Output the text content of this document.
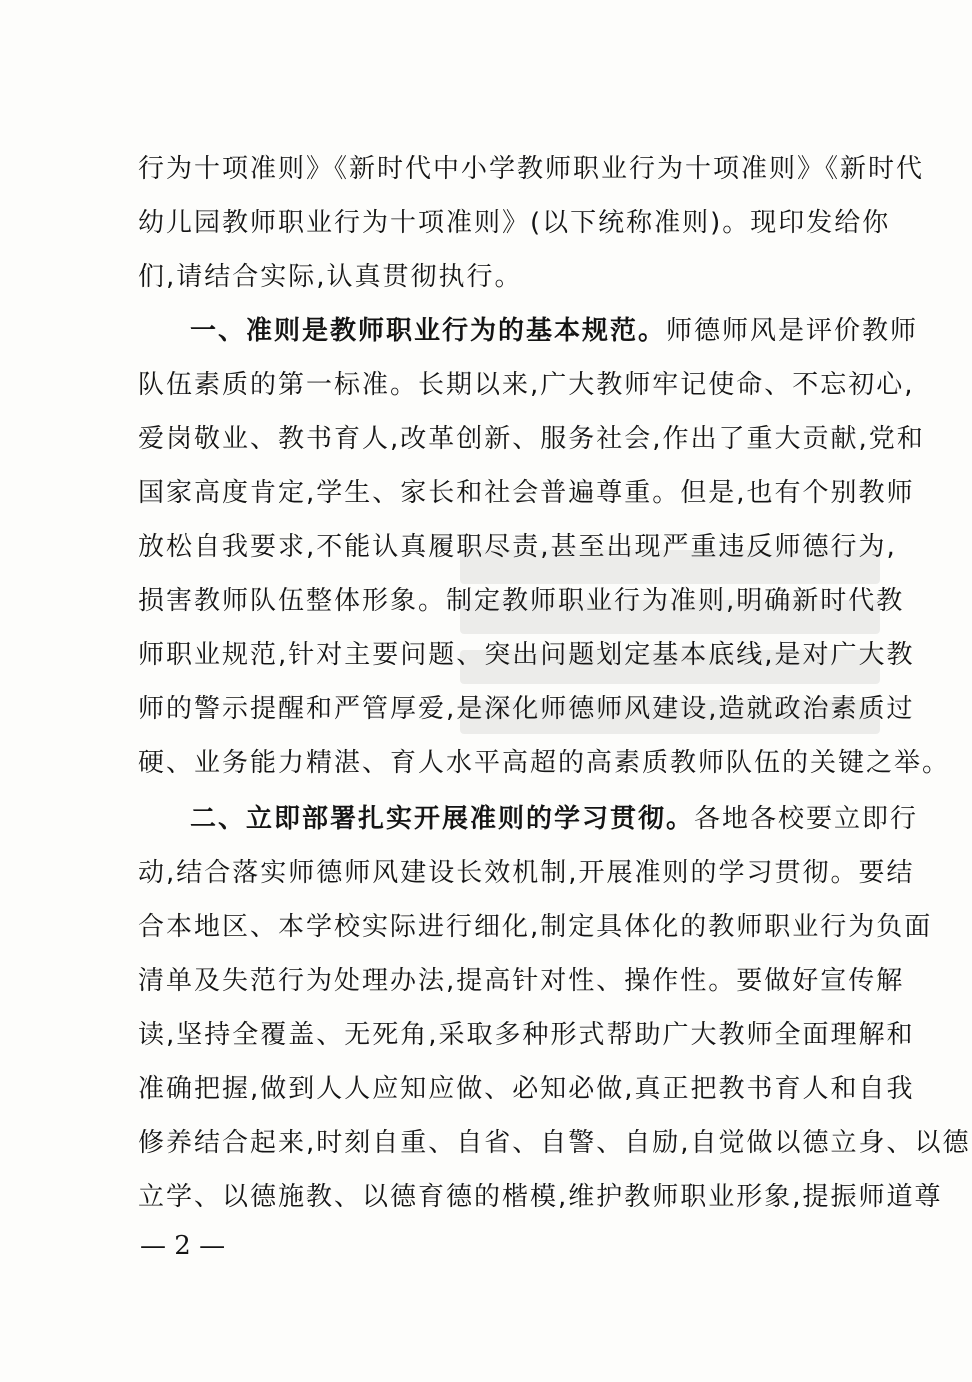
行为十项准则》《新时代中小学教师职业行为十项准则》《新时代
幼儿园教师职业行为十项准则》(以下统称准则)。现印发给你
们,请结合实际,认真贯彻执行。
一、准则是教师职业行为的基本规范。师德师风是评价教师
队伍素质的第一标准。长期以来,广大教师牢记使命、不忘初心,
爱岗敬业、教书育人,改革创新、服务社会,作出了重大贡献,党和
国家高度肯定,学生、家长和社会普遍尊重。但是,也有个别教师
放松自我要求,不能认真履职尽责,甚至出现严重违反师德行为,
损害教师队伍整体形象。制定教师职业行为准则,明确新时代教
师职业规范,针对主要问题、突出问题划定基本底线,是对广大教
师的警示提醒和严管厚爱,是深化师德师风建设,造就政治素质过
硬、业务能力精湛、育人水平高超的高素质教师队伍的关键之举。
二、立即部署扎实开展准则的学习贯彻。各地各校要立即行
动,结合落实师德师风建设长效机制,开展准则的学习贯彻。要结
合本地区、本学校实际进行细化,制定具体化的教师职业行为负面
清单及失范行为处理办法,提高针对性、操作性。要做好宣传解
读,坚持全覆盖、无死角,采取多种形式帮助广大教师全面理解和
准确把握,做到人人应知应做、必知必做,真正把教书育人和自我
修养结合起来,时刻自重、自省、自警、自励,自觉做以德立身、以德
立学、以德施教、以德育德的楷模,维护教师职业形象,提振师道尊
— 2 —
